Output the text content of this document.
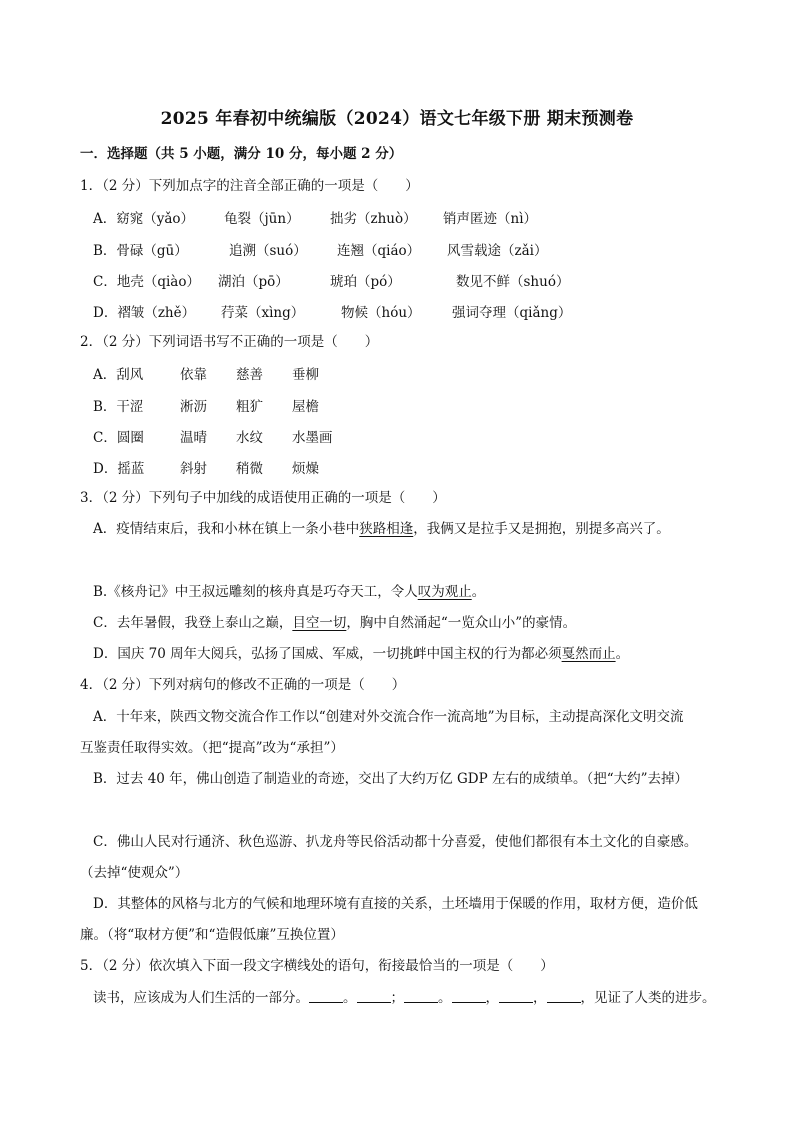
2025 年春初中统编版（2024）语文七年级下册 期末预测卷
一．选择题（共 5 小题，满分 10 分，每小题 2 分）
1．（2 分）下列加点字的注音全部正确的一项是（　　）
A．窈窕（yǎo） 龟裂（jūn） 拙劣（zhuò） 销声匿迹（nì）
B．骨碌（gū）	追溯（suó） 连翘（qiáo） 风雪载途（zǎi）
C．地壳（qiào） 湖泊（pō）	琥珀（pó）	数见不鲜（shuó）
D．褶皱（zhě） 荇菜（xìng）	物候（hóu） 强词夺理（qiǎng）
2．（2 分）下列词语书写不正确的一项是（　　）
A．刮风	依靠 慈善 垂柳
B．干涩	淅沥 粗犷 屋檐
C．圆圈	温晴 水纹 水墨画
D．摇蓝	斜射 稍微 烦燥
3．（2 分）下列句子中加线的成语使用正确的一项是（　　）
A．疫情结束后，我和小林在镇上一条小巷中狭路相逢，我俩又是拉手又是拥抱，别提多高兴了。
B.《核舟记》中王叔远雕刻的核舟真是巧夺天工，令人叹为观止。
C．去年暑假，我登上泰山之巅，目空一切，胸中自然涌起“一览众山小”的豪情。
D．国庆 70 周年大阅兵，弘扬了国威、军威，一切挑衅中国主权的行为都必须戛然而止。
4．（2 分）下列对病句的修改不正确的一项是（　　）
A．十年来，陕西文物交流合作工作以“创建对外交流合作一流高地”为目标，主动提高深化文明交流
互鉴责任取得实效。（把“提高”改为“承担”）
B．过去 40 年，佛山创造了制造业的奇迹，交出了大约万亿 GDP 左右的成绩单。（把“大约”去掉）
C．佛山人民对行通济、秋色巡游、扒龙舟等民俗活动都十分喜爱，使他们都很有本土文化的自豪感。
（去掉“使观众”）
D．其整体的风格与北方的气候和地理环境有直接的关系，土坯墙用于保暖的作用，取材方便，造价低
廉。（将“取材方便”和“造假低廉”互换位置）
5．（2 分）依次填入下面一段文字横线处的语句，衔接最恰当的一项是（　　）
读书，应该成为人们生活的一部分。	。	；	。	，	，	，见证了人类的进步。
